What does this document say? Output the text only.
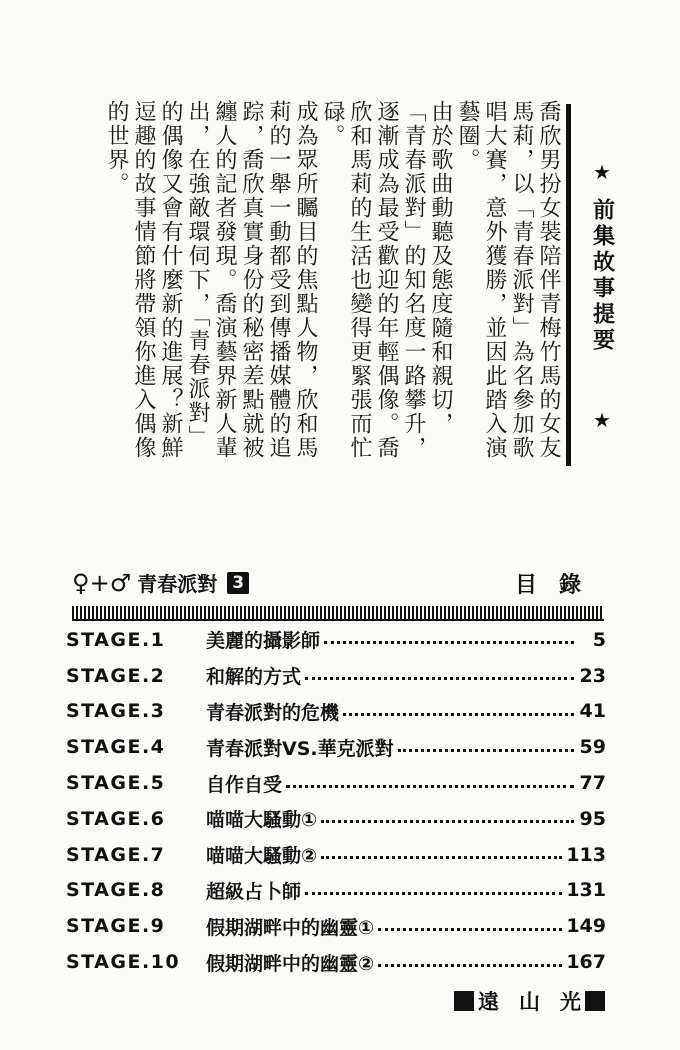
喬欣男扮女裝陪伴青梅竹馬的女友馬莉，以「青春派對」為名參加歌唱大賽，意外獲勝，並因此踏入演藝圈。

由於歌曲動聽及態度隨和親切，「青春派對」的知名度一路攀升，逐漸成為最受歡迎的年輕偶像。喬欣和馬莉的生活也變得更緊張而忙碌。

成為眾所矚目的焦點人物，欣和馬莉的一舉一動都受到傳播媒體的追踪，喬欣真實身份的秘密差點就被纏人的記者發現。喬演藝界新人輩出，在強敵環伺下，「青春派對」的偶像又會有什麼新的進展？新鮮逗趣的故事情節將帶領你進入偶像的世界。	★
前集故事提要
★
♀+♂ 青春派對 3	目錄
STAGE.1	美麗的攝影師	5
STAGE.2	和解的方式	23
STAGE.3	青春派對的危機	41
STAGE.4	青春派對VS.華克派對	59
STAGE.5	自作自受	77
STAGE.6	喵喵大騷動①	95
STAGE.7	喵喵大騷動②	113
STAGE.8	超級占卜師	131
STAGE.9	假期湖畔中的幽靈①	149
STAGE.10	假期湖畔中的幽靈②	167
遠山光
